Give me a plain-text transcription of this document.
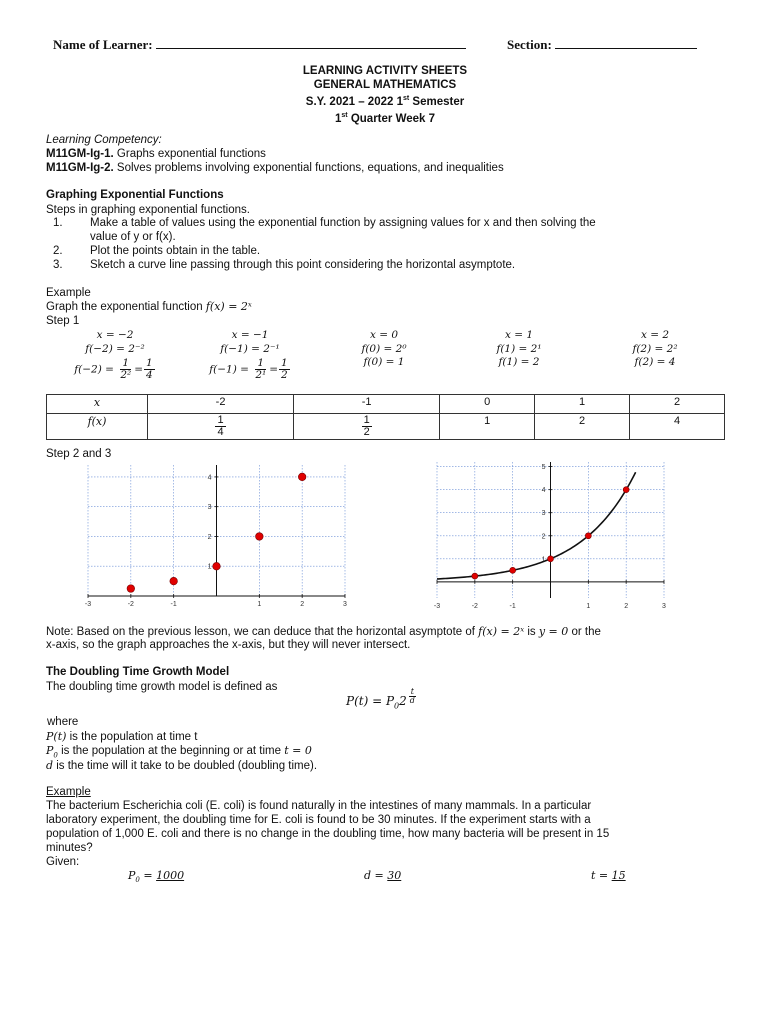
Name of Learner:	Section:
LEARNING ACTIVITY SHEETS
GENERAL MATHEMATICS
S.Y. 2021 – 2022 1st Semester
1st Quarter Week 7
Learning Competency:
M11GM-Ig-1. Graphs exponential functions
M11GM-Ig-2. Solves problems involving exponential functions, equations, and inequalities
Graphing Exponential Functions
Steps in graphing exponential functions.
1. Make a table of values using the exponential function by assigning values for x and then solving the
value of y or f(x).
2. Plot the points obtain in the table.
3. Sketch a curve line passing through this point considering the horizontal asymptote.
Example
Graph the exponential function f(x) = 2ˣ
Step 1
x = −2
f(−2) = 2⁻²
$f(-2) = \frac{1}{\text{2²}} = \frac{1}{4}$
x = −1
f(−1) = 2⁻¹
$f(-1) = \frac{1}{\text{2¹}} = \frac{1}{2}$
x = 0
f(0) = 2⁰
f(0) = 1
x = 1
f(1) = 2¹
f(1) = 2
x = 2
f(2) = 2²
f(2) = 4
x	-2	-1	0	1	2
f(x)	$\frac{1}{4}$	$\frac{1}{2}$	1	2	4
Step 2 and 3
-3	-2	-1	1	2	3
1
2
3
4
-3	-2	-1	1	2	3
1
2
3
4
5
Note: Based on the previous lesson, we can deduce that the horizontal asymptote of f(x) = 2ˣ is y = 0 or the
x-axis, so the graph approaches the x-axis, but they will never intersect.
The Doubling Time Growth Model
The doubling time growth model is defined as
$P(t) = P_02 \frac{t}{d}$
where
P(t) is the population at time t
$P_0$ is the population at the beginning or at time t = 0
d is the time will it take to be doubled (doubling time).
Example
The bacterium Escherichia coli (E. coli) is found naturally in the intestines of many mammals. In a particular
laboratory experiment, the doubling time for E. coli is found to be 30 minutes. If the experiment starts with a
population of 1,000 E. coli and there is no change in the doubling time, how many bacteria will be present in 15
minutes?
Given:
$P_0 = 1000$	d = 30	t = 15
